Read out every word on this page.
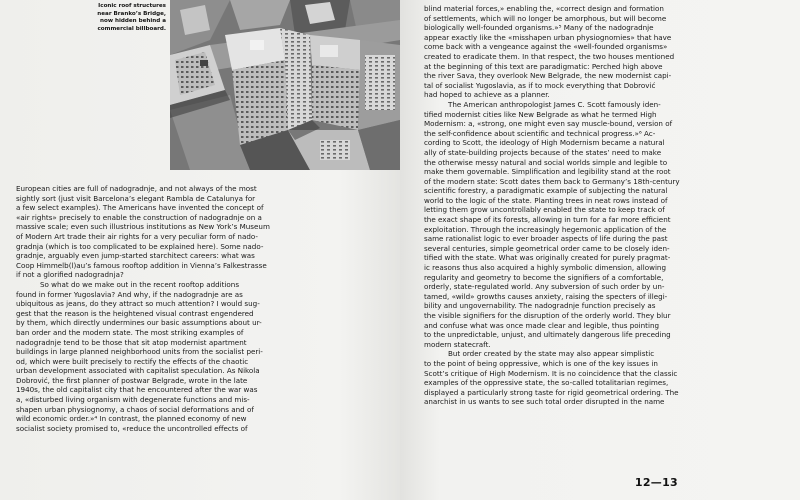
Iconic roof structures
near Branko’s Bridge,
now hidden behind a
commercial billboard.
European cities are full of nadogradnje, and not always of the most
sightly sort (just visit Barcelona’s elegant Rambla de Catalunya for
a few select examples). The Americans have invented the concept of
«air rights» precisely to enable the construction of nadogradnje on a
massive scale; even such illustrious institutions as New York’s Museum
of Modern Art trade their air rights for a very peculiar form of nado-
gradnja (which is too complicated to be explained here). Some nado-
gradnje, arguably even jump-started starchitect careers: what was
Coop Himmelb(l)au’s famous rooftop addition in Vienna’s Falkestrasse
if not a glorified nadogradnja?
So what do we make out in the recent rooftop additions
found in former Yugoslavia? And why, if the nadogradnje are as
ubiquitous as jeans, do they attract so much attention? I would sug-
gest that the reason is the heightened visual contrast engendered
by them, which directly undermines our basic assumptions about ur-
ban order and the modern state. The most striking examples of
nadogradnje tend to be those that sit atop modernist apartment
buildings in large planned neighborhood units from the socialist peri-
od, which were built precisely to rectify the effects of the chaotic
urban development associated with capitalist speculation. As Nikola
Dobrović, the first planner of postwar Belgrade, wrote in the late
1940s, the old capitalist city that he encountered after the war was
a, «disturbed living organism with degenerate functions and mis-
shapen urban physiognomy, a chaos of social deformations and of
wild economic order.»⁴ In contrast, the planned economy of new
socialist society promised to, «reduce the uncontrolled effects of
blind material forces,» enabling the, «correct design and formation
of settlements, which will no longer be amorphous, but will become
biologically well-founded organisms.»⁵ Many of the nadogradnje
appear exactly like the «misshapen urban physiognomies» that have
come back with a vengeance against the «well-founded organisms»
created to eradicate them. In that respect, the two houses mentioned
at the beginning of this text are paradigmatic: Perched high above
the river Sava, they overlook New Belgrade, the new modernist capi-
tal of socialist Yugoslavia, as if to mock everything that Dobrović
had hoped to achieve as a planner.
The American anthropologist James C. Scott famously iden-
tified modernist cities like New Belgrade as what he termed High
Modernism: a, «strong, one might even say muscle-bound, version of
the self-confidence about scientific and technical progress.»⁶ Ac-
cording to Scott, the ideology of High Modernism became a natural
ally of state-building projects because of the states’ need to make
the otherwise messy natural and social worlds simple and legible to
make them governable. Simplification and legibility stand at the root
of the modern state: Scott dates them back to Germany’s 18th-century
scientific forestry, a paradigmatic example of subjecting the natural
world to the logic of the state. Planting trees in neat rows instead of
letting them grow uncontrollably enabled the state to keep track of
the exact shape of its forests, allowing in turn for a far more efficient
exploitation. Through the increasingly hegemonic application of the
same rationalist logic to ever broader aspects of life during the past
several centuries, simple geometrical order came to be closely iden-
tified with the state. What was originally created for purely pragmat-
ic reasons thus also acquired a highly symbolic dimension, allowing
regularity and geometry to become the signifiers of a comfortable,
orderly, state-regulated world. Any subversion of such order by un-
tamed, «wild» growths causes anxiety, raising the specters of illegi-
bility and ungovernability. The nadogradnje function precisely as
the visible signifiers for the disruption of the orderly world. They blur
and confuse what was once made clear and legible, thus pointing
to the unpredictable, unjust, and ultimately dangerous life preceding
modern statecraft.
But order created by the state may also appear simplistic
to the point of being oppressive, which is one of the key issues in
Scott’s critique of High Modernism. It is no coincidence that the classic
examples of the oppressive state, the so-called totalitarian regimes,
displayed a particularly strong taste for rigid geometrical ordering. The
anarchist in us wants to see such total order disrupted in the name
12—13
